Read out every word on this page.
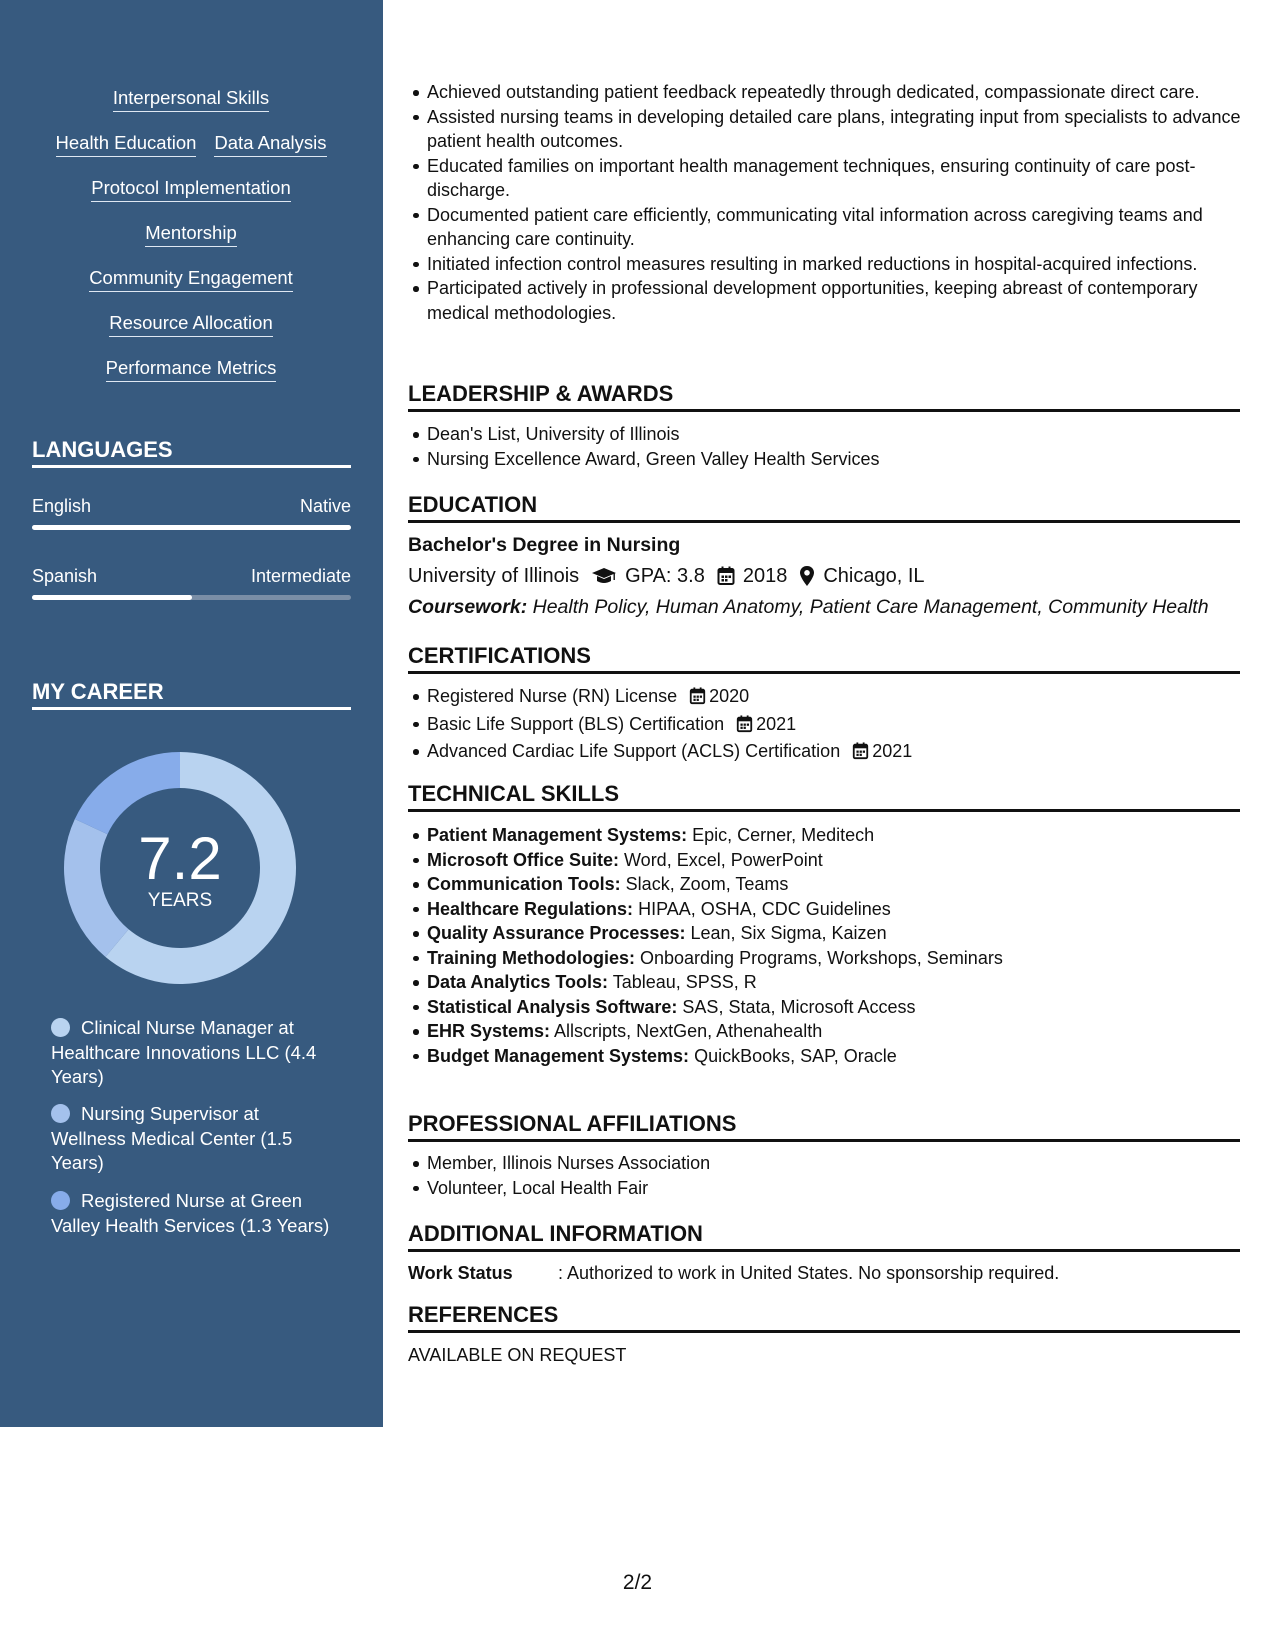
Interpersonal Skills
Health Education Data Analysis
Protocol Implementation
Mentorship
Community Engagement
Resource Allocation
Performance Metrics
LANGUAGES
English	Native
Spanish	Intermediate
MY CAREER
7.2
YEARS
Clinical Nurse Manager at Healthcare Innovations LLC (4.4 Years)
Nursing Supervisor at Wellness Medical Center (1.5 Years)
Registered Nurse at Green Valley Health Services (1.3 Years)
Achieved outstanding patient feedback repeatedly through dedicated, compassionate direct care.
Assisted nursing teams in developing detailed care plans, integrating input from specialists to advance patient health outcomes.
Educated families on important health management techniques, ensuring continuity of care post-discharge.
Documented patient care efficiently, communicating vital information across caregiving teams and enhancing care continuity.
Initiated infection control measures resulting in marked reductions in hospital-acquired infections.
Participated actively in professional development opportunities, keeping abreast of contemporary medical methodologies.
LEADERSHIP & AWARDS
Dean's List, University of Illinois
Nursing Excellence Award, Green Valley Health Services
EDUCATION
Bachelor's Degree in Nursing
University of Illinois GPA: 3.8 2018 Chicago, IL
Coursework: Health Policy, Human Anatomy, Patient Care Management, Community Health
CERTIFICATIONS
Registered Nurse (RN) License 2020
Basic Life Support (BLS) Certification 2021
Advanced Cardiac Life Support (ACLS) Certification 2021
TECHNICAL SKILLS
Patient Management Systems: Epic, Cerner, Meditech
Microsoft Office Suite: Word, Excel, PowerPoint
Communication Tools: Slack, Zoom, Teams
Healthcare Regulations: HIPAA, OSHA, CDC Guidelines
Quality Assurance Processes: Lean, Six Sigma, Kaizen
Training Methodologies: Onboarding Programs, Workshops, Seminars
Data Analytics Tools: Tableau, SPSS, R
Statistical Analysis Software: SAS, Stata, Microsoft Access
EHR Systems: Allscripts, NextGen, Athenahealth
Budget Management Systems: QuickBooks, SAP, Oracle
PROFESSIONAL AFFILIATIONS
Member, Illinois Nurses Association
Volunteer, Local Health Fair
ADDITIONAL INFORMATION
Work Status	: Authorized to work in United States. No sponsorship required.
REFERENCES
AVAILABLE ON REQUEST
2/2
